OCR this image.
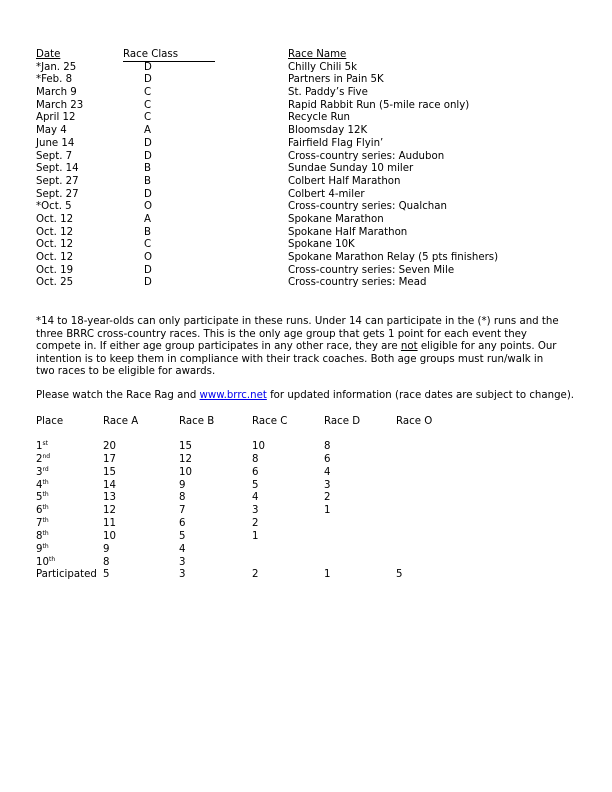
Date	Race Class	Race Name
*Jan. 25	D	Chilly Chili 5k
*Feb. 8	D	Partners in Pain 5K
March 9	C	St. Paddy’s Five
March 23	C	Rapid Rabbit Run (5-mile race only)
April 12	C	Recycle Run
May 4	A	Bloomsday 12K
June 14	D	Fairfield Flag Flyin’
Sept. 7	D	Cross-country series: Audubon
Sept. 14	B	Sundae Sunday 10 miler
Sept. 27	B	Colbert Half Marathon
Sept. 27	D	Colbert 4-miler
*Oct. 5	O	Cross-country series: Qualchan
Oct. 12	A	Spokane Marathon
Oct. 12	B	Spokane Half Marathon
Oct. 12	C	Spokane 10K
Oct. 12	O	Spokane Marathon Relay (5 pts finishers)
Oct. 19	D	Cross-country series: Seven Mile
Oct. 25	D	Cross-country series: Mead
*14 to 18-year-olds can only participate in these runs. Under 14 can participate in the (*) runs and the three BRRC cross-country races. This is the only age group that gets 1 point for each event they compete in. If either age group participates in any other race, they are not eligible for any points. Our intention is to keep them in compliance with their track coaches. Both age groups must run/walk in two races to be eligible for awards.
Please watch the Race Rag and www.brrc.net for updated information (race dates are subject to change).
Place	Race A	Race B	Race C	Race D	Race O
1st	20	15	10	8
2nd	17	12	8	6
3rd	15	10	6	4
4th	14	9	5	3
5th	13	8	4	2
6th	12	7	3	1
7th	11	6	2
8th	10	5	1
9th	9	4
10th	8	3
Participated 5	3	2	1	5
